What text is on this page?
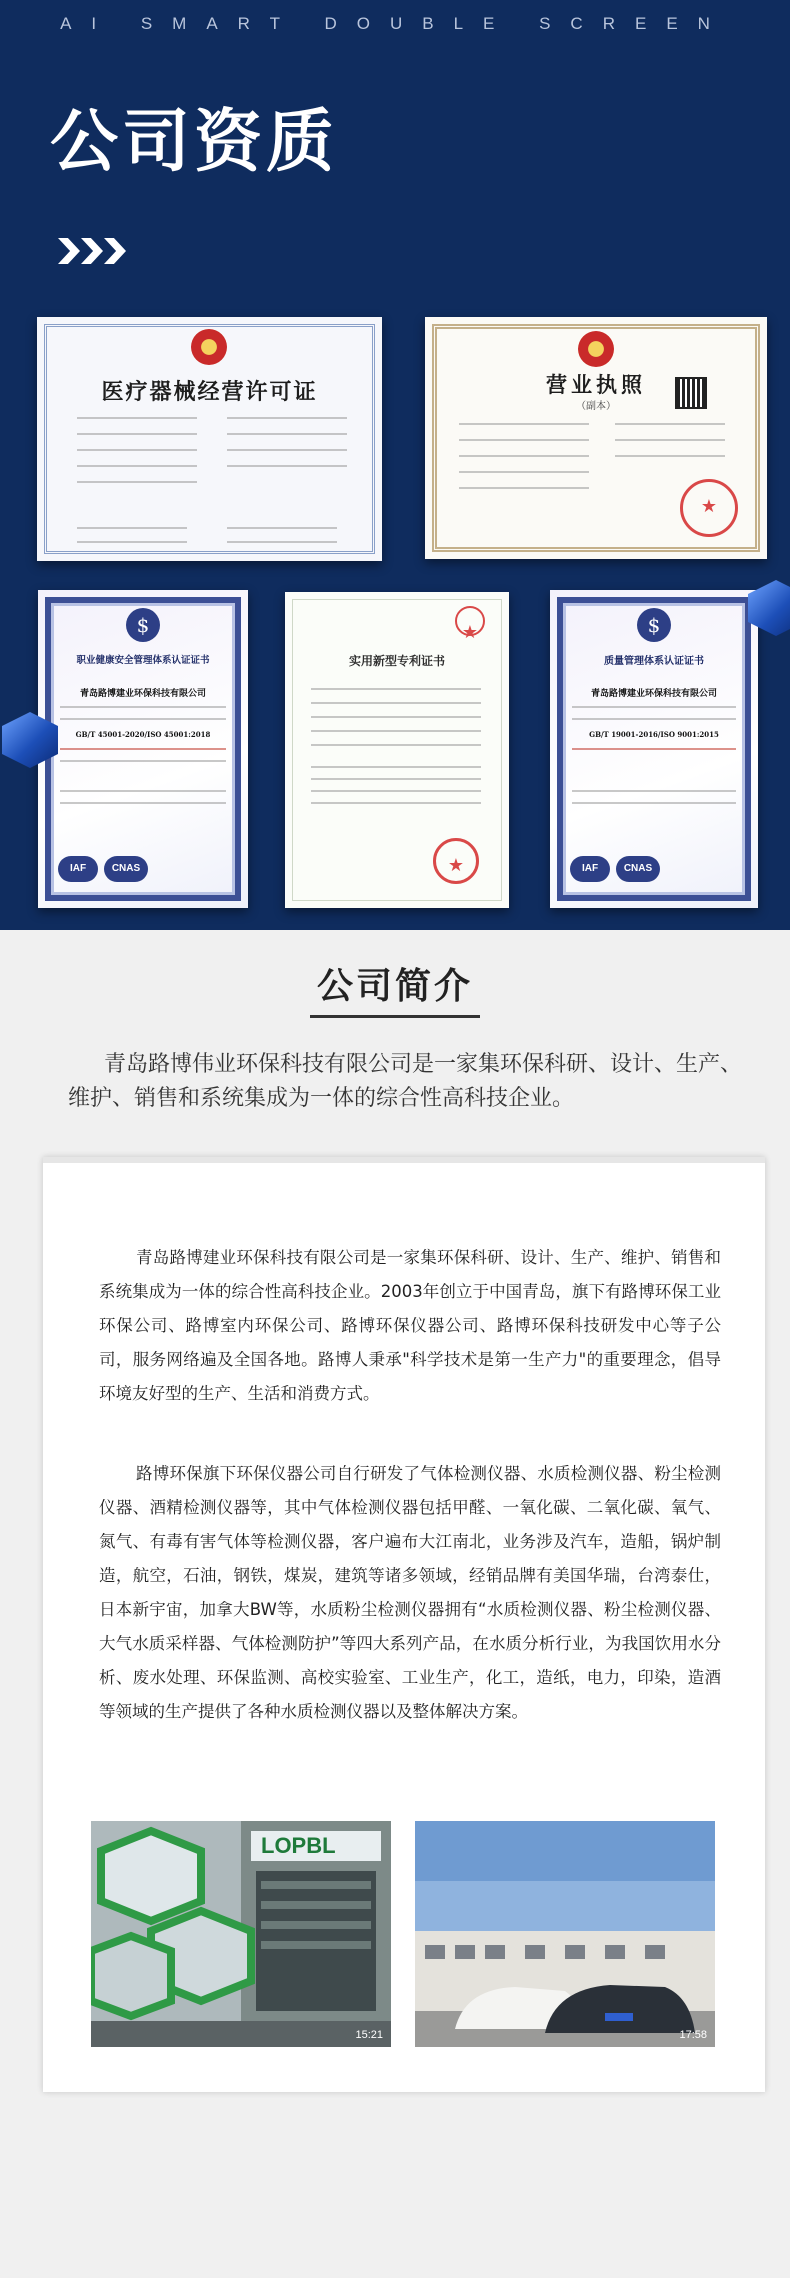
AI SMART DOUBLE SCREEN
公司资质
医疗器械经营许可证	营业执照
（副本）
★
$
职业健康安全管理体系认证证书
青岛路博建业环保科技有限公司
GB/T 45001-2020/ISO 45001:2018
IAF	CNAS
★
实用新型专利证书
★
$
质量管理体系认证证书
青岛路博建业环保科技有限公司
GB/T 19001-2016/ISO 9001:2015
IAF	CNAS
公司简介
青岛路博伟业环保科技有限公司是一家集环保科研、设计、生产、维护、销售和系统集成为一体的综合性高科技企业。

青岛路博建业环保科技有限公司是一家集环保科研、设计、生产、维护、销售和系统集成为一体的综合性高科技企业。2003年创立于中国青岛，旗下有路博环保工业环保公司、路博室内环保公司、路博环保仪器公司、路博环保科技研发中心等子公司，服务网络遍及全国各地。路博人秉承"科学技术是第一生产力"的重要理念，倡导环境友好型的生产、生活和消费方式。

路博环保旗下环保仪器公司自行研发了气体检测仪器、水质检测仪器、粉尘检测仪器、酒精检测仪器等，其中气体检测仪器包括甲醛、一氧化碳、二氧化碳、氧气、氮气、有毒有害气体等检测仪器，客户遍布大江南北，业务涉及汽车，造船，锅炉制造，航空，石油，钢铁，煤炭，建筑等诸多领域，经销品牌有美国华瑞，台湾泰仕，日本新宇宙，加拿大BW等，水质粉尘检测仪器拥有“水质检测仪器、粉尘检测仪器、大气水质采样器、气体检测防护”等四大系列产品，在水质分析行业，为我国饮用水分析、废水处理、环保监测、高校实验室、工业生产，化工，造纸，电力，印染，造酒等领域的生产提供了各种水质检测仪器以及整体解决方案。

LOPBL
15:21	17:58
